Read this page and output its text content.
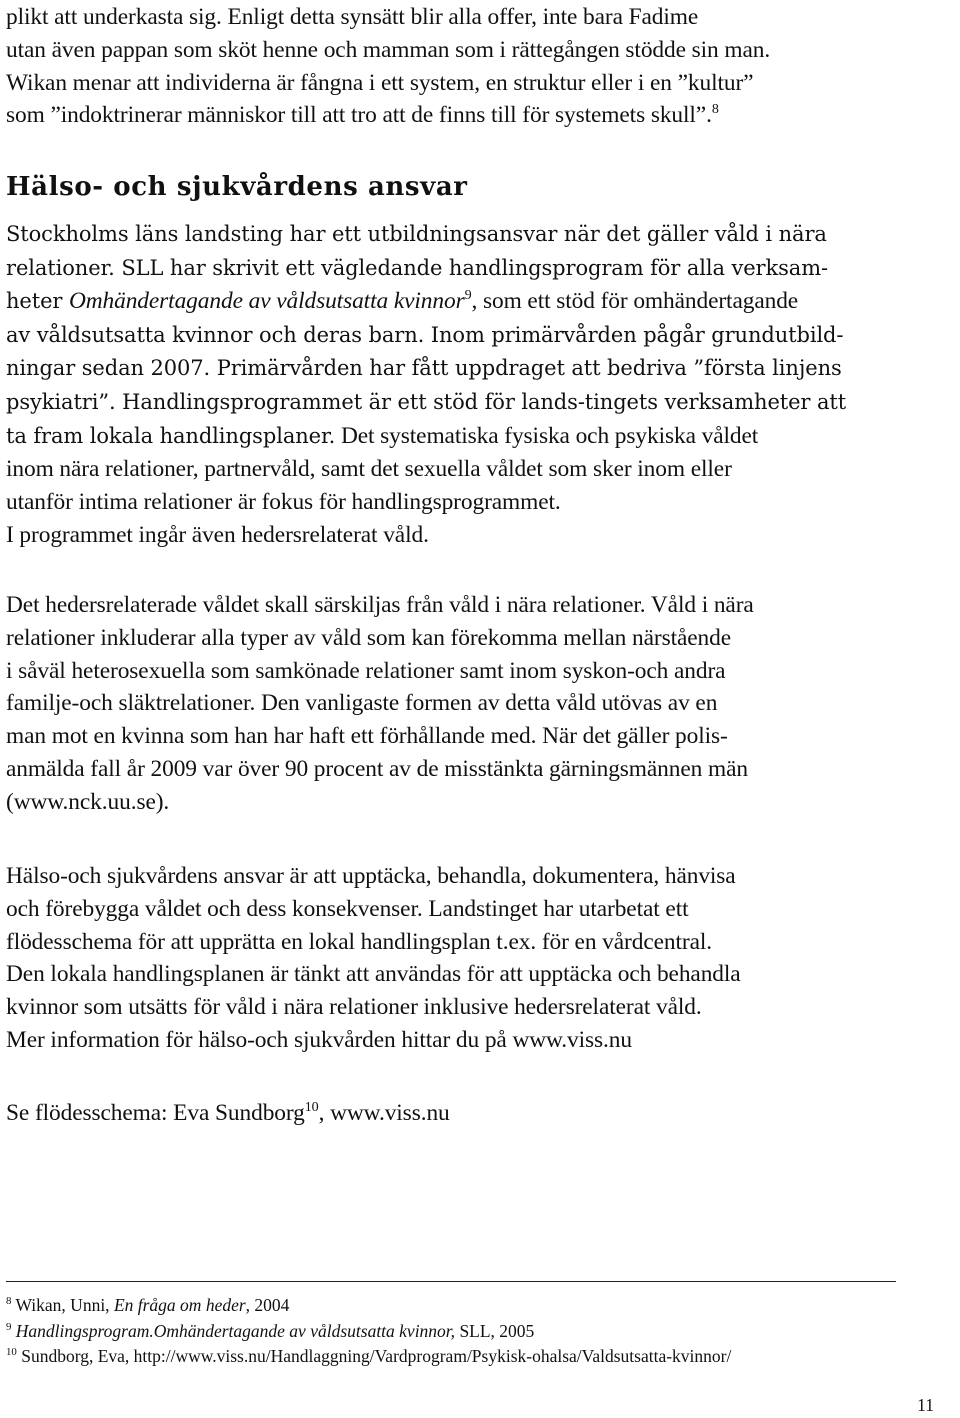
plikt att underkasta sig. Enligt detta synsätt blir alla offer, inte bara Fadime
utan även pappan som sköt henne och mamman som i rättegången stödde sin man.
Wikan menar att individerna är fångna i ett system, en struktur eller i en ”kultur”
som ”indoktrinerar människor till att tro att de finns till för systemets skull”.$^8$

Hälso- och sjukvårdens ansvar

Stockholms läns landsting har ett utbildningsansvar när det gäller våld i nära
relationer. SLL har skrivit ett vägledande handlingsprogram för alla verksam-
heter Omhändertagande av våldsutsatta kvinnor$^9$, som ett stöd för omhändertagande
av våldsutsatta kvinnor och deras barn. Inom primärvården pågår grundutbild-
ningar sedan 2007. Primärvården har fått uppdraget att bedriva ”första linjens
psykiatri”. Handlingsprogrammet är ett stöd för lands-tingets verksamheter att
ta fram lokala handlingsplaner. Det systematiska fysiska och psykiska våldet
inom nära relationer, partnervåld, samt det sexuella våldet som sker inom eller
utanför intima relationer är fokus för handlingsprogrammet.
I programmet ingår även hedersrelaterat våld.

Det hedersrelaterade våldet skall särskiljas från våld i nära relationer. Våld i nära
relationer inkluderar alla typer av våld som kan förekomma mellan närstående
i såväl heterosexuella som samkönade relationer samt inom syskon-och andra
familje-och släktrelationer. Den vanligaste formen av detta våld utövas av en
man mot en kvinna som han har haft ett förhållande med. När det gäller polis-
anmälda fall år 2009 var över 90 procent av de misstänkta gärningsmännen män
(www.nck.uu.se).

Hälso-och sjukvårdens ansvar är att upptäcka, behandla, dokumentera, hänvisa
och förebygga våldet och dess konsekvenser. Landstinget har utarbetat ett
flödesschema för att upprätta en lokal handlingsplan t.ex. för en vårdcentral.
Den lokala handlingsplanen är tänkt att användas för att upptäcka och behandla
kvinnor som utsätts för våld i nära relationer inklusive hedersrelaterat våld.
Mer information för hälso-och sjukvården hittar du på www.viss.nu

Se flödesschema: Eva Sundborg$^{10}$, www.viss.nu

$^8$ Wikan, Unni, En fråga om heder, 2004
$^9$ Handlingsprogram.Omhändertagande av våldsutsatta kvinnor, SLL, 2005
$^{10}$ Sundborg, Eva, http://www.viss.nu/Handlaggning/Vardprogram/Psykisk-ohalsa/Valdsutsatta-kvinnor/
11
